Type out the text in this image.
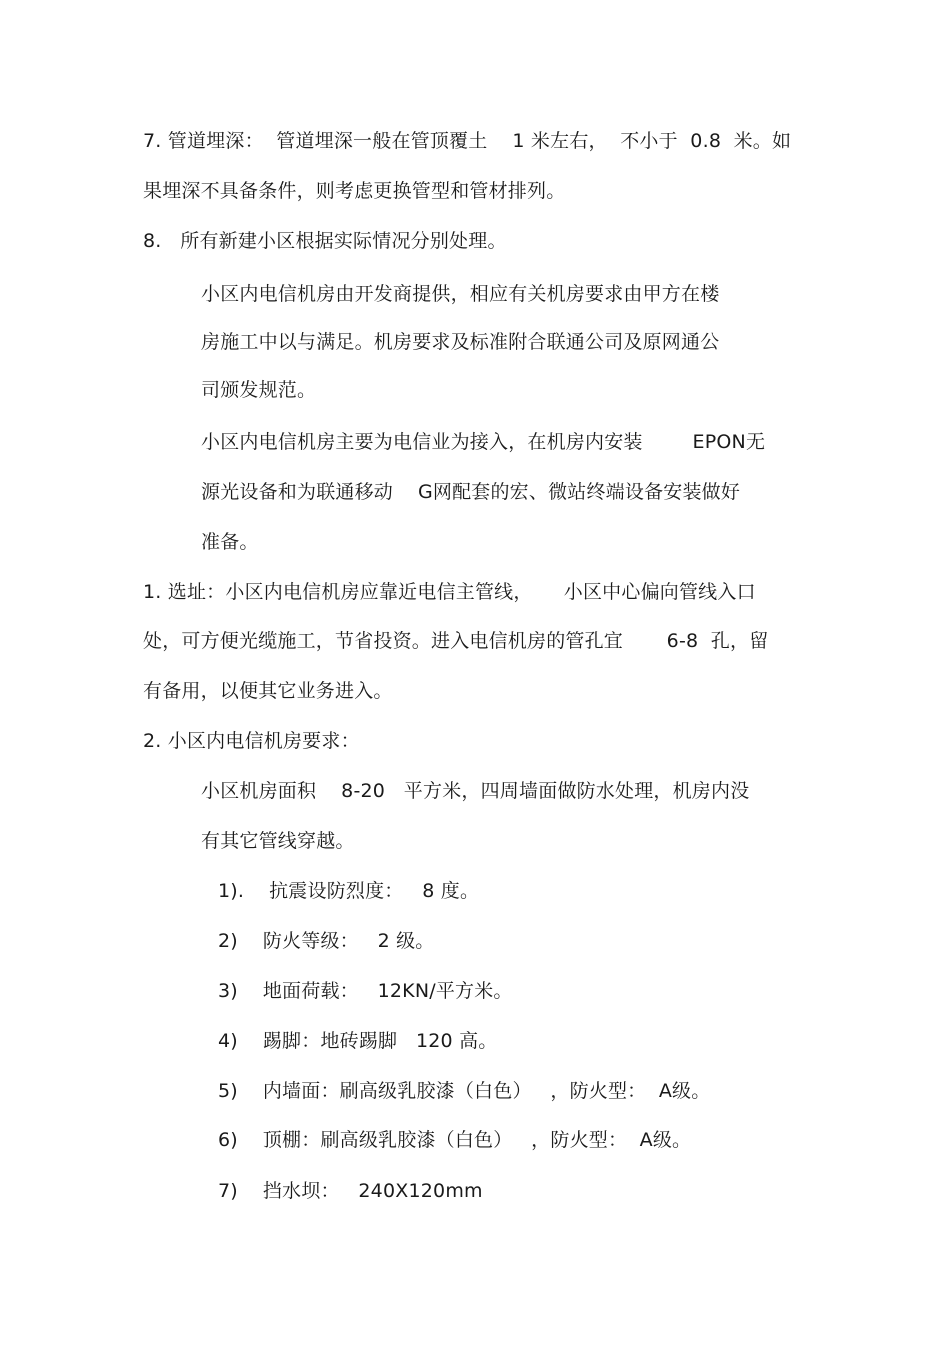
7. 管道埋深：  管道埋深一般在管顶覆土    1 米左右，  不小于  0.8  米。如
果埋深不具备条件，则考虑更换管型和管材排列。
8.   所有新建小区根据实际情况分别处理。
小区内电信机房由开发商提供，相应有关机房要求由甲方在楼
房施工中以与满足。机房要求及标准附合联通公司及原网通公
司颁发规范。
小区内电信机房主要为电信业为接入，在机房内安装        EPON无
源光设备和为联通移动    G网配套的宏、微站终端设备安装做好
准备。
1. 选址：小区内电信机房应靠近电信主管线，     小区中心偏向管线入口
处，可方便光缆施工，节省投资。进入电信机房的管孔宜       6-8  孔，留
有备用，以便其它业务进入。
2. 小区内电信机房要求：
小区机房面积    8-20   平方米，四周墙面做防水处理，机房内没
有其它管线穿越。
1).    抗震设防烈度：   8 度。
2)    防火等级：   2 级。
3)    地面荷载：   12KN/平方米。
4)    踢脚：地砖踢脚   120 高。
5)    内墙面：刷高级乳胶漆（白色）   ，防火型：  A级。
6)    顶棚：刷高级乳胶漆（白色）   ，防火型：  A级。
7)    挡水坝：   240X120mm
